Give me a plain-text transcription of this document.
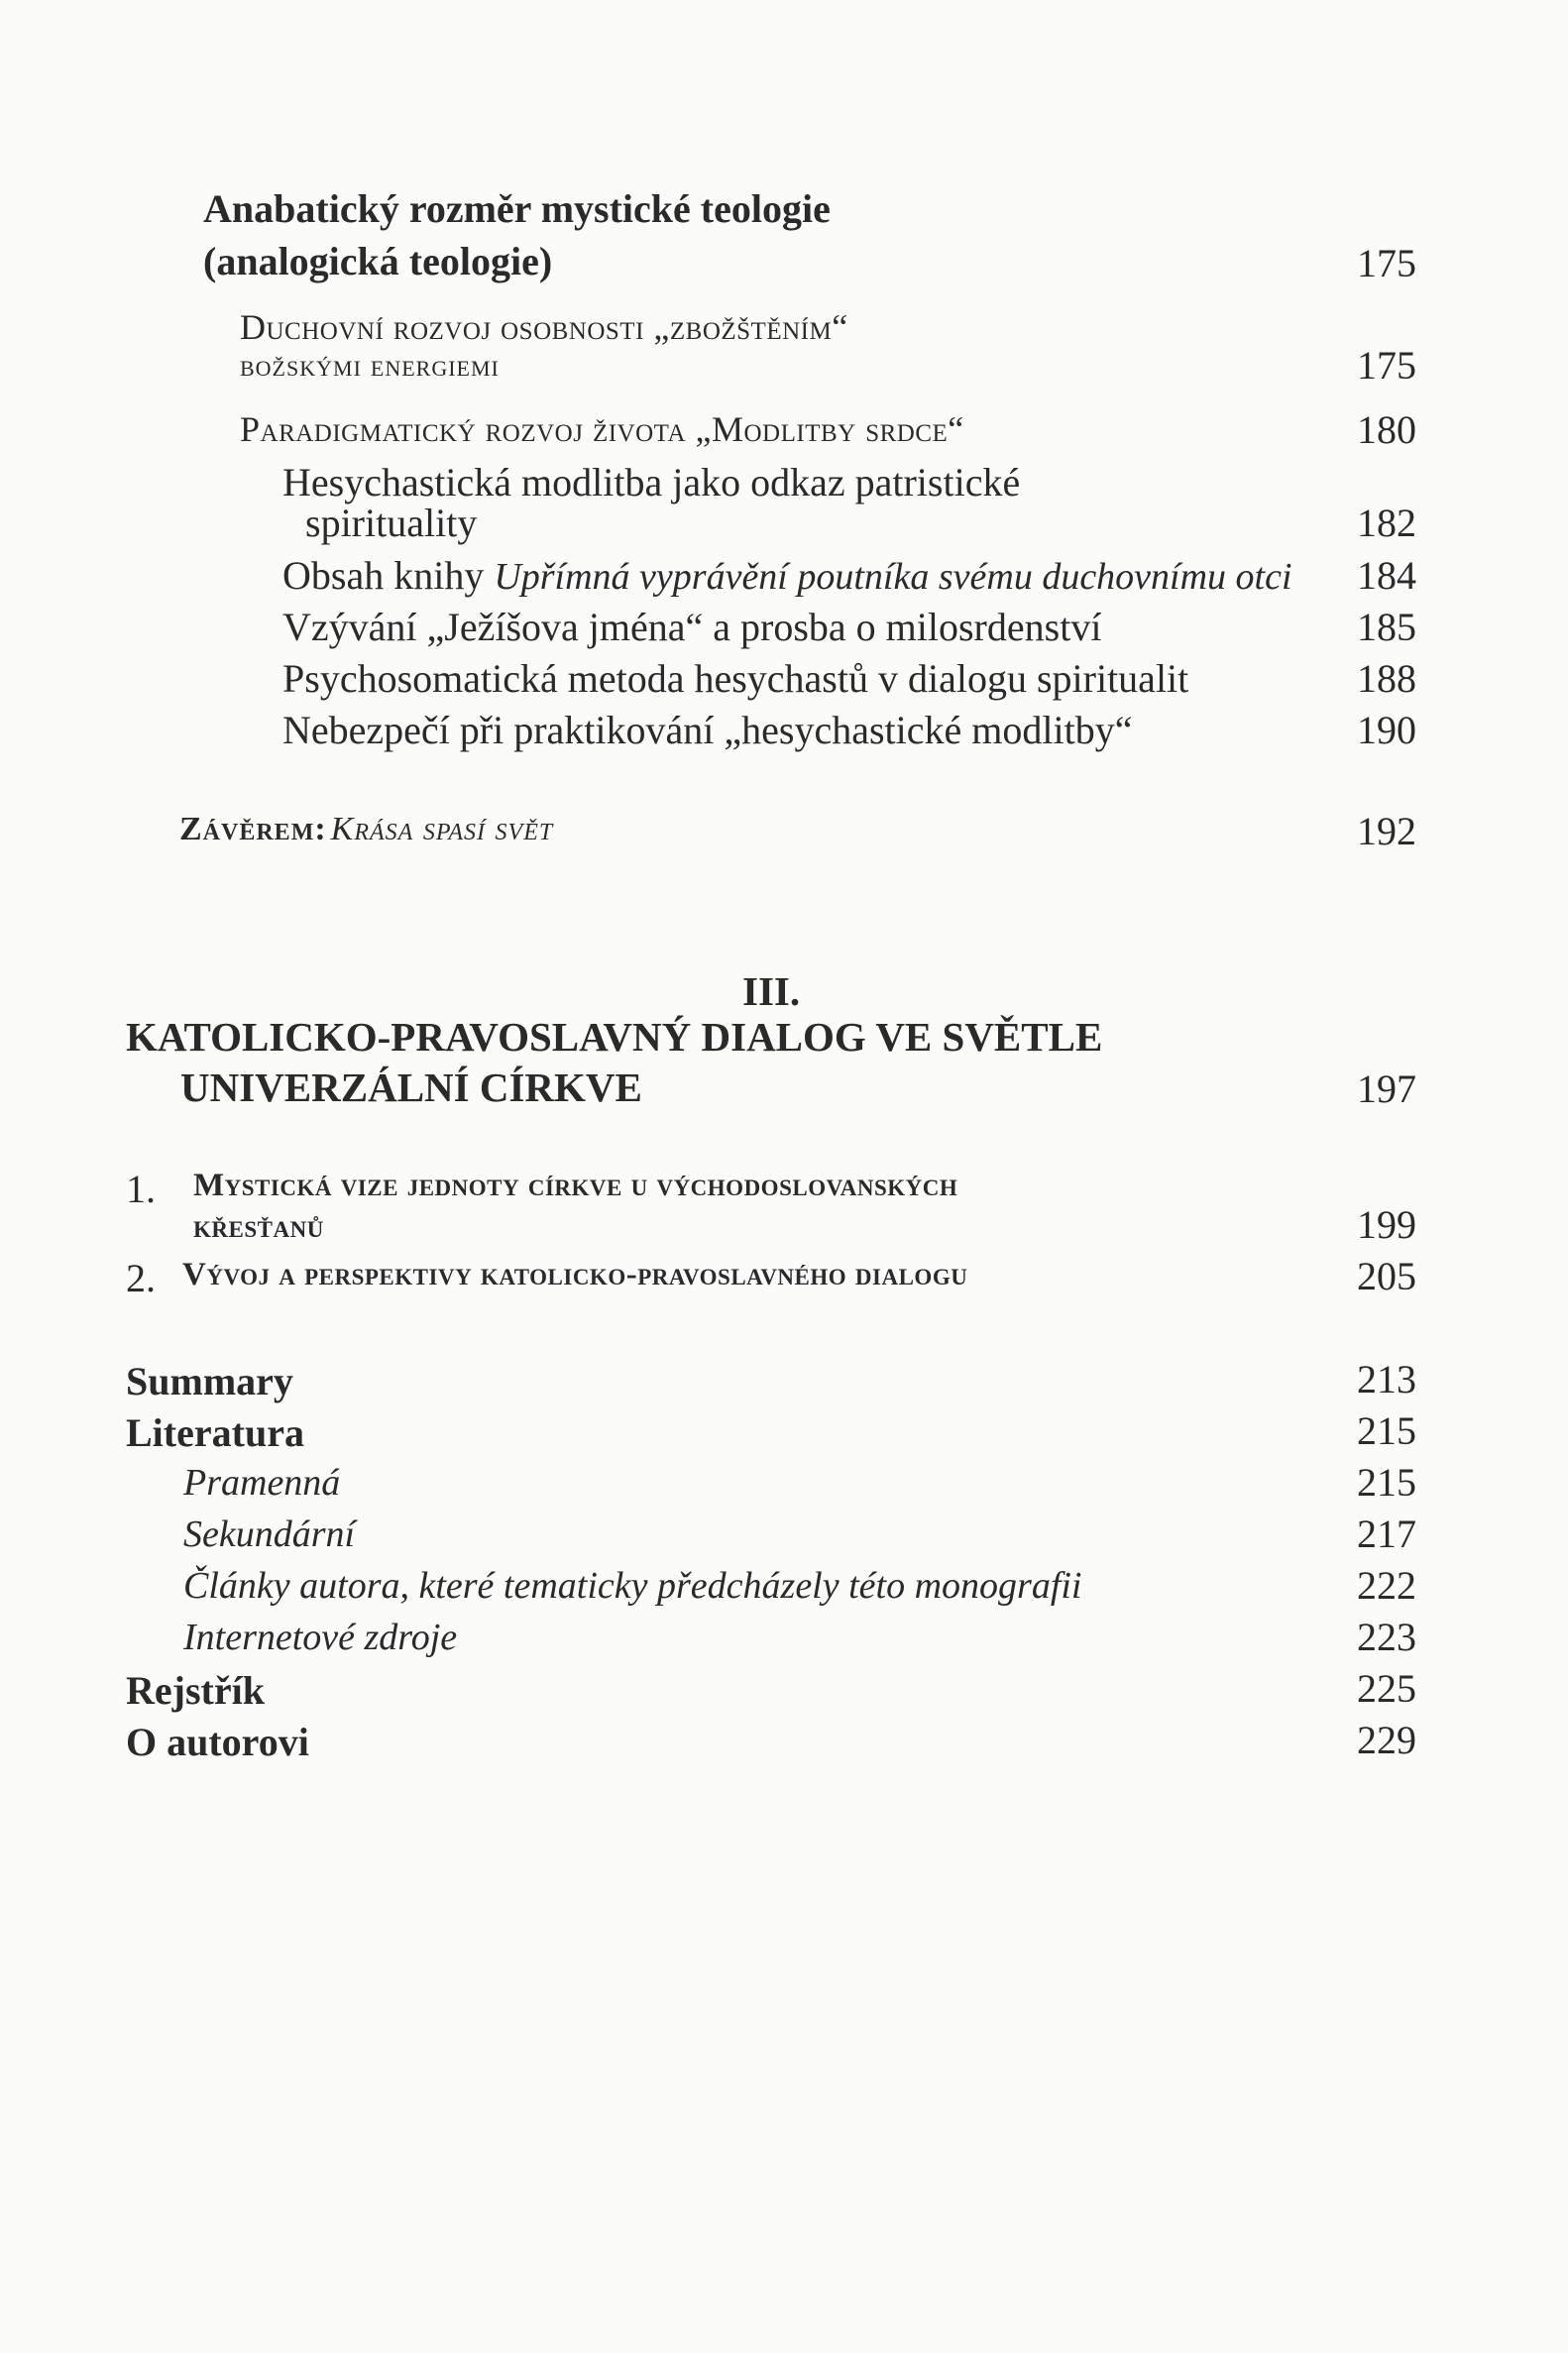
Anabatický rozměr mystické teologie
(analogická teologie)	175
Duchovní rozvoj osobnosti „zbožštěním“
božskými energiemi	175
Paradigmatický rozvoj života „Modlitby srdce“	180
Hesychastická modlitba jako odkaz patristické
spirituality	182
Obsah knihy Upřímná vyprávění poutníka svému duchovnímu otci 184
Vzývání „Ježíšova jména“ a prosba o milosrdenství	185
Psychosomatická metoda hesychastů v dialogu spiritualit	188
Nebezpečí při praktikování „hesychastické modlitby“	190
Závěrem: Krása spasí svět	192
III.
KATOLICKO-PRAVOSLAVNÝ DIALOG VE SVĚTLE
UNIVERZÁLNÍ CÍRKVE	197
1. Mystická vize jednoty církve u východoslovanských
křesťanů	199
2. Vývoj a perspektivy katolicko-pravoslavného dialogu	205
Summary	213
Literatura	215
Pramenná	215
Sekundární	217
Články autora, které tematicky předcházely této monografii	222
Internetové zdroje	223
Rejstřík	225
O autorovi	229
